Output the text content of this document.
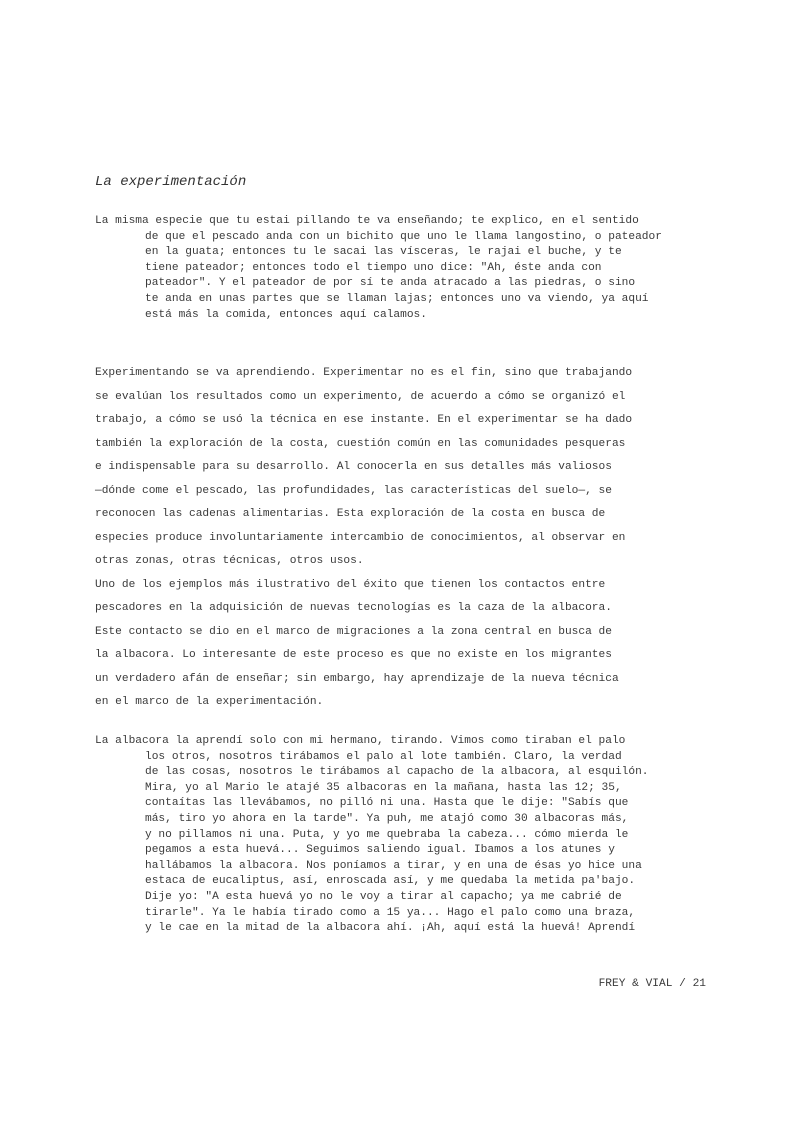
La experimentación
La misma especie que tu estai pillando te va enseñando; te explico, en el sentido
de que el pescado anda con un bichito que uno le llama langostino, o pateador
en la guata; entonces tu le sacai las vísceras, le rajai el buche, y te
tiene pateador; entonces todo el tiempo uno dice: "Ah, éste anda con
pateador". Y el pateador de por sí te anda atracado a las piedras, o sino
te anda en unas partes que se llaman lajas; entonces uno va viendo, ya aquí
está más la comida, entonces aquí calamos.
Experimentando se va aprendiendo. Experimentar no es el fin, sino que trabajando
se evalúan los resultados como un experimento, de acuerdo a cómo se organizó el
trabajo, a cómo se usó la técnica en ese instante. En el experimentar se ha dado
también la exploración de la costa, cuestión común en las comunidades pesqueras
e indispensable para su desarrollo. Al conocerla en sus detalles más valiosos
—dónde come el pescado, las profundidades, las características del suelo—, se
reconocen las cadenas alimentarias. Esta exploración de la costa en busca de
especies produce involuntariamente intercambio de conocimientos, al observar en
otras zonas, otras técnicas, otros usos.
Uno de los ejemplos más ilustrativo del éxito que tienen los contactos entre
pescadores en la adquisición de nuevas tecnologías es la caza de la albacora.
Este contacto se dio en el marco de migraciones a la zona central en busca de
la albacora. Lo interesante de este proceso es que no existe en los migrantes
un verdadero afán de enseñar; sin embargo, hay aprendizaje de la nueva técnica
en el marco de la experimentación.
La albacora la aprendí solo con mi hermano, tirando. Vimos como tiraban el palo
los otros, nosotros tirábamos el palo al lote también. Claro, la verdad
de las cosas, nosotros le tirábamos al capacho de la albacora, al esquilón.
Mira, yo al Mario le atajé 35 albacoras en la mañana, hasta las 12; 35,
contaítas las llevábamos, no pilló ni una. Hasta que le dije: "Sabís que
más, tiro yo ahora en la tarde". Ya puh, me atajó como 30 albacoras más,
y no pillamos ni una. Puta, y yo me quebraba la cabeza... cómo mierda le
pegamos a esta huevá... Seguimos saliendo igual. Ibamos a los atunes y
hallábamos la albacora. Nos poníamos a tirar, y en una de ésas yo hice una
estaca de eucaliptus, así, enroscada así, y me quedaba la metida pa'bajo.
Dije yo: "A esta huevá yo no le voy a tirar al capacho; ya me cabrié de
tirarle". Ya le había tirado como a 15 ya... Hago el palo como una braza,
y le cae en la mitad de la albacora ahí. ¡Ah, aquí está la huevá! Aprendí
FREY & VIAL / 21
